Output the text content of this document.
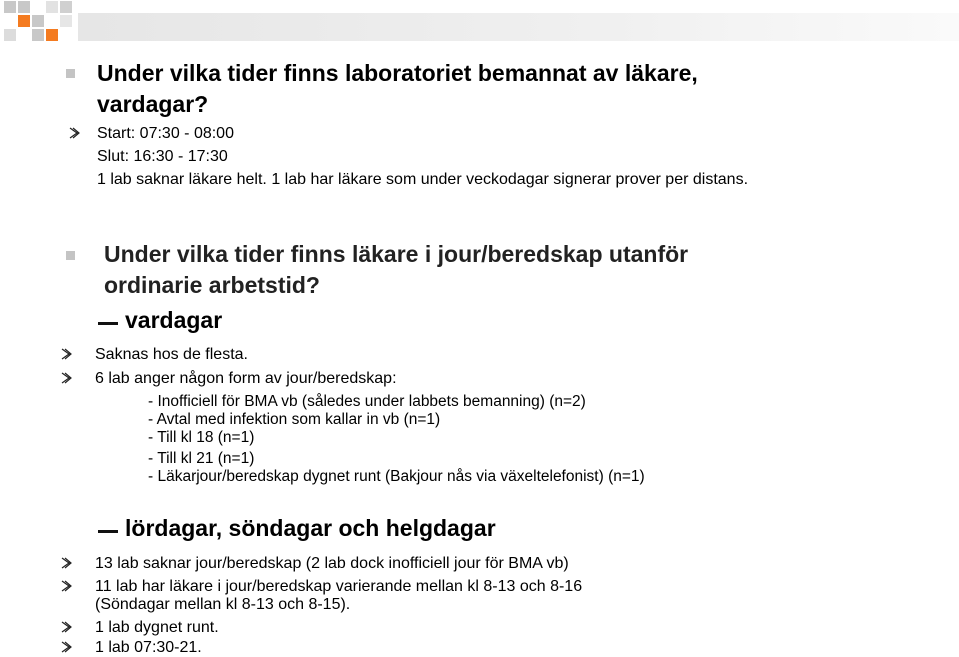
Under vilka tider finns laboratoriet bemannat av läkare,
vardagar?
Start: 07:30 - 08:00
Slut: 16:30 - 17:30
1 lab saknar läkare helt. 1 lab har läkare som under veckodagar signerar prover per distans.
Under vilka tider finns läkare i jour/beredskap utanför
ordinarie arbetstid?
vardagar
Saknas hos de flesta.
6 lab anger någon form av jour/beredskap:
- Inofficiell för BMA vb (således under labbets bemanning) (n=2)
- Avtal med infektion som kallar in vb (n=1)
- Till kl 18 (n=1)
- Till kl 21 (n=1)
- Läkarjour/beredskap dygnet runt (Bakjour nås via växeltelefonist) (n=1)
lördagar, söndagar och helgdagar
13 lab saknar jour/beredskap (2 lab dock inofficiell jour för BMA vb)
11 lab har läkare i jour/beredskap varierande mellan kl 8-13 och 8-16
(Söndagar mellan kl 8-13 och 8-15).
1 lab dygnet runt.
1 lab 07:30-21.
